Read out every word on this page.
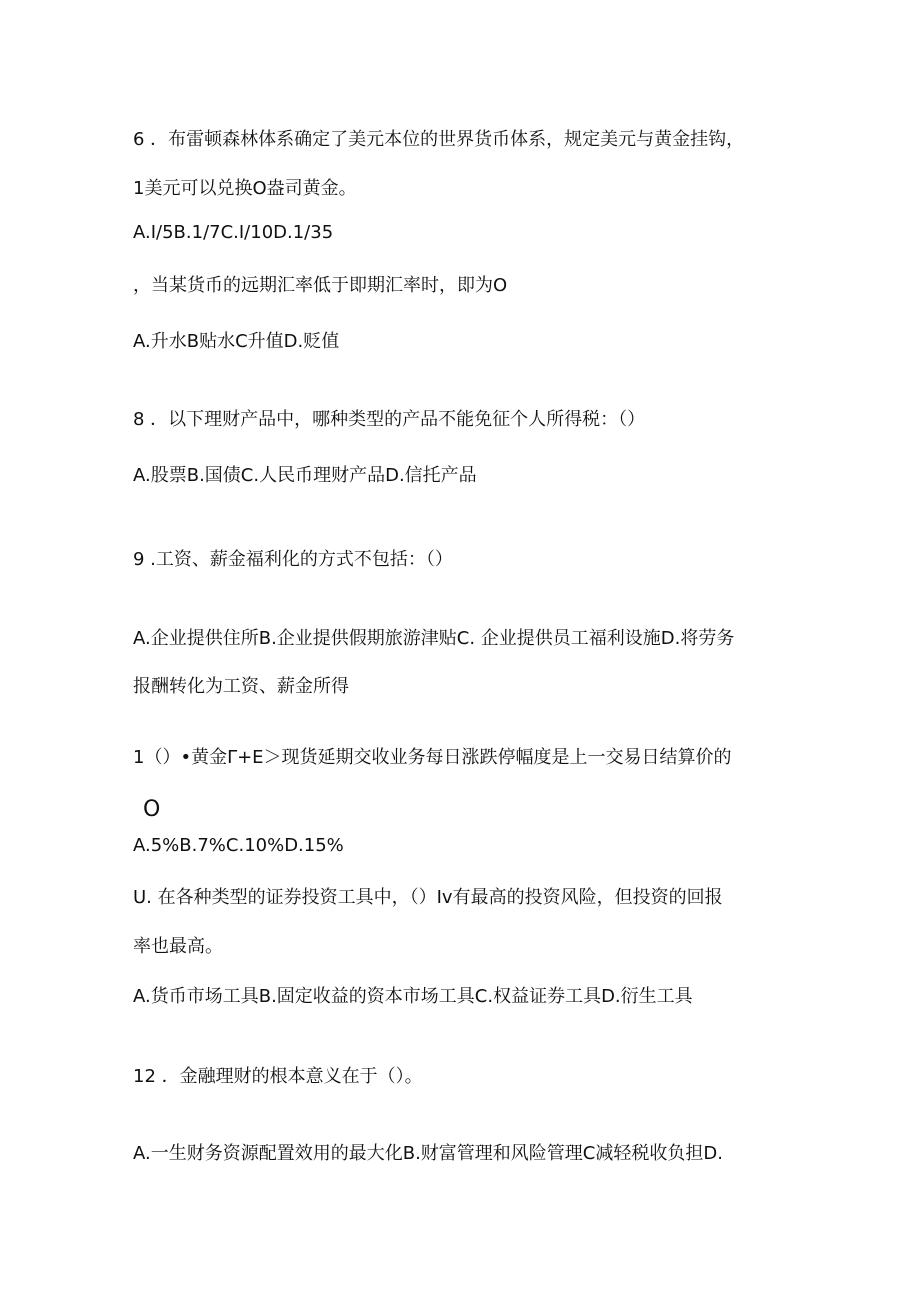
6 ．布雷顿森林体系确定了美元本位的世界货币体系，规定美元与黄金挂钩，
1美元可以兑换O盎司黄金。
A.I/5B.1/7C.I/10D.1/35
，当某货币的远期汇率低于即期汇率时，即为O
A.升水B贴水C升值D.贬值
8 ．以下理财产品中，哪种类型的产品不能免征个人所得税：（）
A.股票B.国债C.人民币理财产品D.信托产品
9 .工资、薪金福利化的方式不包括：（）
A.企业提供住所B.企业提供假期旅游津贴C. 企业提供员工福利设施D.将劳务
报酬转化为工资、薪金所得
1（）•黄金Γ+E＞现货延期交收业务每日涨跌停幅度是上一交易日结算价的
O
A.5%B.7%C.10%D.15%
U. 在各种类型的证券投资工具中，（）Iv有最高的投资风险，但投资的回报
率也最高。
A.货币市场工具B.固定收益的资本市场工具C.权益证券工具D.衍生工具
12 ．金融理财的根本意义在于（）。
A.一生财务资源配置效用的最大化B.财富管理和风险管理C减轻税收负担D.
